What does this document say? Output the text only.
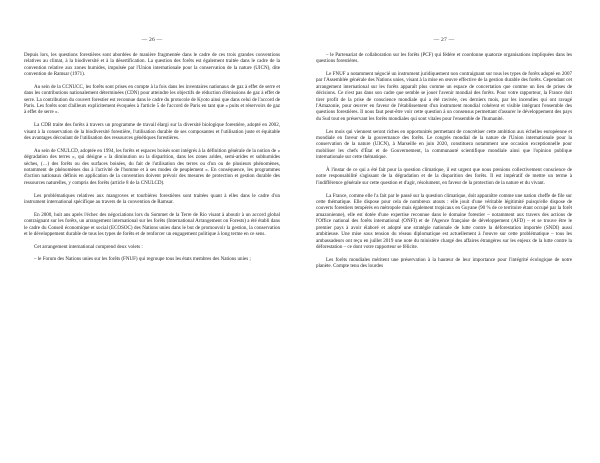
— 26 —

Depuis lors, les questions forestières sont abordées de manière fragmentée dans le cadre de ces trois grandes conventions relatives au climat, à la biodiversité et à la désertification. La question des forêts est également traitée dans le cadre de la convention relative aux zones humides, impulsée par l'Union internationale pour la conservation de la nature (UICN), dite convention de Ramsar (1971).

Au sein de la CCNUCC, les forêts sont prises en compte à la fois dans les inventaires nationaux de gaz à effet de serre et dans les contributions nationalement déterminées (CDN) pour atteindre les objectifs de réduction d'émissions de gaz à effet de serre. La contribution du couvert forestier est reconnue dans le cadre du protocole de Kyoto ainsi que dans celui de l'accord de Paris. Les forêts sont d'ailleurs explicitement évoquées à l'article 5 de l'accord de Paris en tant que « puits et réservoirs de gaz à effet de serre ».

La CDB traite des forêts à travers un programme de travail élargi sur la diversité biologique forestière, adopté en 2002, visant à la conservation de la biodiversité forestière, l'utilisation durable de ses composantes et l'utilisation juste et équitable des avantages découlant de l'utilisation des ressources génétiques forestières.

Au sein de CNULCD, adoptée en 1994, les forêts et espaces boisés sont intégrés à la définition générale de la notion de « dégradation des terres », qui désigne « la diminution ou la disparition, dans les zones arides, semi-arides et subhumides sèches, (…) des forêts ou des surfaces boisées, du fait de l'utilisation des terres ou d'un ou de plusieurs phénomènes, notamment de phénomènes dus à l'activité de l'homme et à ses modes de peuplement ». En conséquence, les programmes d'action nationaux définis en application de la convention doivent prévoir des mesures de protection et gestion durable des ressources naturelles, y compris des forêts (article 8 de la CNULCD).

Les problématiques relatives aux mangroves et tourbières forestières sont traitées quant à elles dans le cadre d'un instrument international spécifique au travers de la convention de Ramsar.

En 2000, huit ans après l'échec des négociations lors du Sommet de la Terre de Rio visant à aboutir à un accord global contraignant sur les forêts, un arrangement international sur les forêts (International Arrangement on Forests) a été établi dans le cadre du Conseil économique et social (ECOSOC) des Nations unies dans le but de promouvoir la gestion, la conservation et le développement durable de tous les types de forêts et de renforcer un engagement politique à long terme en ce sens.

Cet arrangement international comprend deux volets :

– le Forum des Nations unies sur les forêts (FNUF) qui regroupe tous les états membres des Nations unies ;

— 27 —

– le Partenariat de collaboration sur les forêts (PCF) qui fédère et coordonne quatorze organisations impliquées dans les questions forestières.

Le FNUF a notamment négocié un instrument juridiquement non contraignant sur tous les types de forêts adopté en 2007 par l'Assemblée générale des Nations unies, visant à la mise en œuvre effective de la gestion durable des forêts. Cependant cet arrangement international sur les forêts apparaît plus comme un espace de concertation que comme un lieu de prises de décisions. Ce n'est pas dans son cadre que semble se jouer l'avenir mondial des forêts. Pour votre rapporteur, la France doit tirer profit de la prise de conscience mondiale qui a été ravivée, ces derniers mois, par les incendies qui ont ravagé l'Amazonie, pour œuvrer en faveur de l'établissement d'un instrument mondial cohérent et visible intégrant l'ensemble des questions forestières. Il nous faut peut-être voir cette question à un consensus permettant d'assurer le développement des pays du Sud tout en préservant les forêts mondiales qui sont vitales pour l'ensemble de l'humanité.

Les mois qui viennent seront riches en opportunités permettant de concrétiser cette ambition aux échelles européenne et mondiale en faveur de la gouvernance des forêts. Le congrès mondial de la nature de l'Union internationale pour la conservation de la nature (UICN), à Marseille en juin 2020, constituera notamment une occasion exceptionnelle pour mobiliser les chefs d'État et de Gouvernement, la communauté scientifique mondiale ainsi que l'opinion publique internationale sur cette thématique.

À l'instar de ce qui a été fait pour la question climatique, il est urgent que nous prenions collectivement conscience de notre responsabilité s'agissant de la dégradation et de la disparition des forêts. Il est impératif de mettre un terme à l'indifférence générale sur cette question et d'agir, résolument, en faveur de la protection de la nature et du vivant.

La France, comme elle l'a fait par le passé sur la question climatique, doit apparaître comme une nation cheffe de file sur cette thématique. Elle dispose pour cela de nombreux atouts : elle jouit d'une véritable légitimité puisqu'elle dispose de couverts forestiers tempérés en métropole mais également tropicaux en Guyane (90 % de ce territoire étant occupé par la forêt amazonienne), elle est dotée d'une expertise reconnue dans le domaine forestier – notamment aux travers des actions de l'Office national des forêts international (ONFI) et de l'Agence française de développement (AFD) – et se trouve être le premier pays à avoir élaboré et adopté une stratégie nationale de lutte contre la déforestation importée (SNDI) aussi ambitieuse. Une mise sous tension du réseau diplomatique est actuellement à l'œuvre sur cette problématique – tous les ambassadeurs ont reçu en juillet 2019 une note du ministère chargé des affaires étrangères sur les enjeux de la lutte contre la déforestation – ce dont votre rapporteur se félicite.

Les forêts mondiales méritent une préservation à la hauteur de leur importance pour l'intégrité écologique de notre planète. Compte tenu des lourdes
